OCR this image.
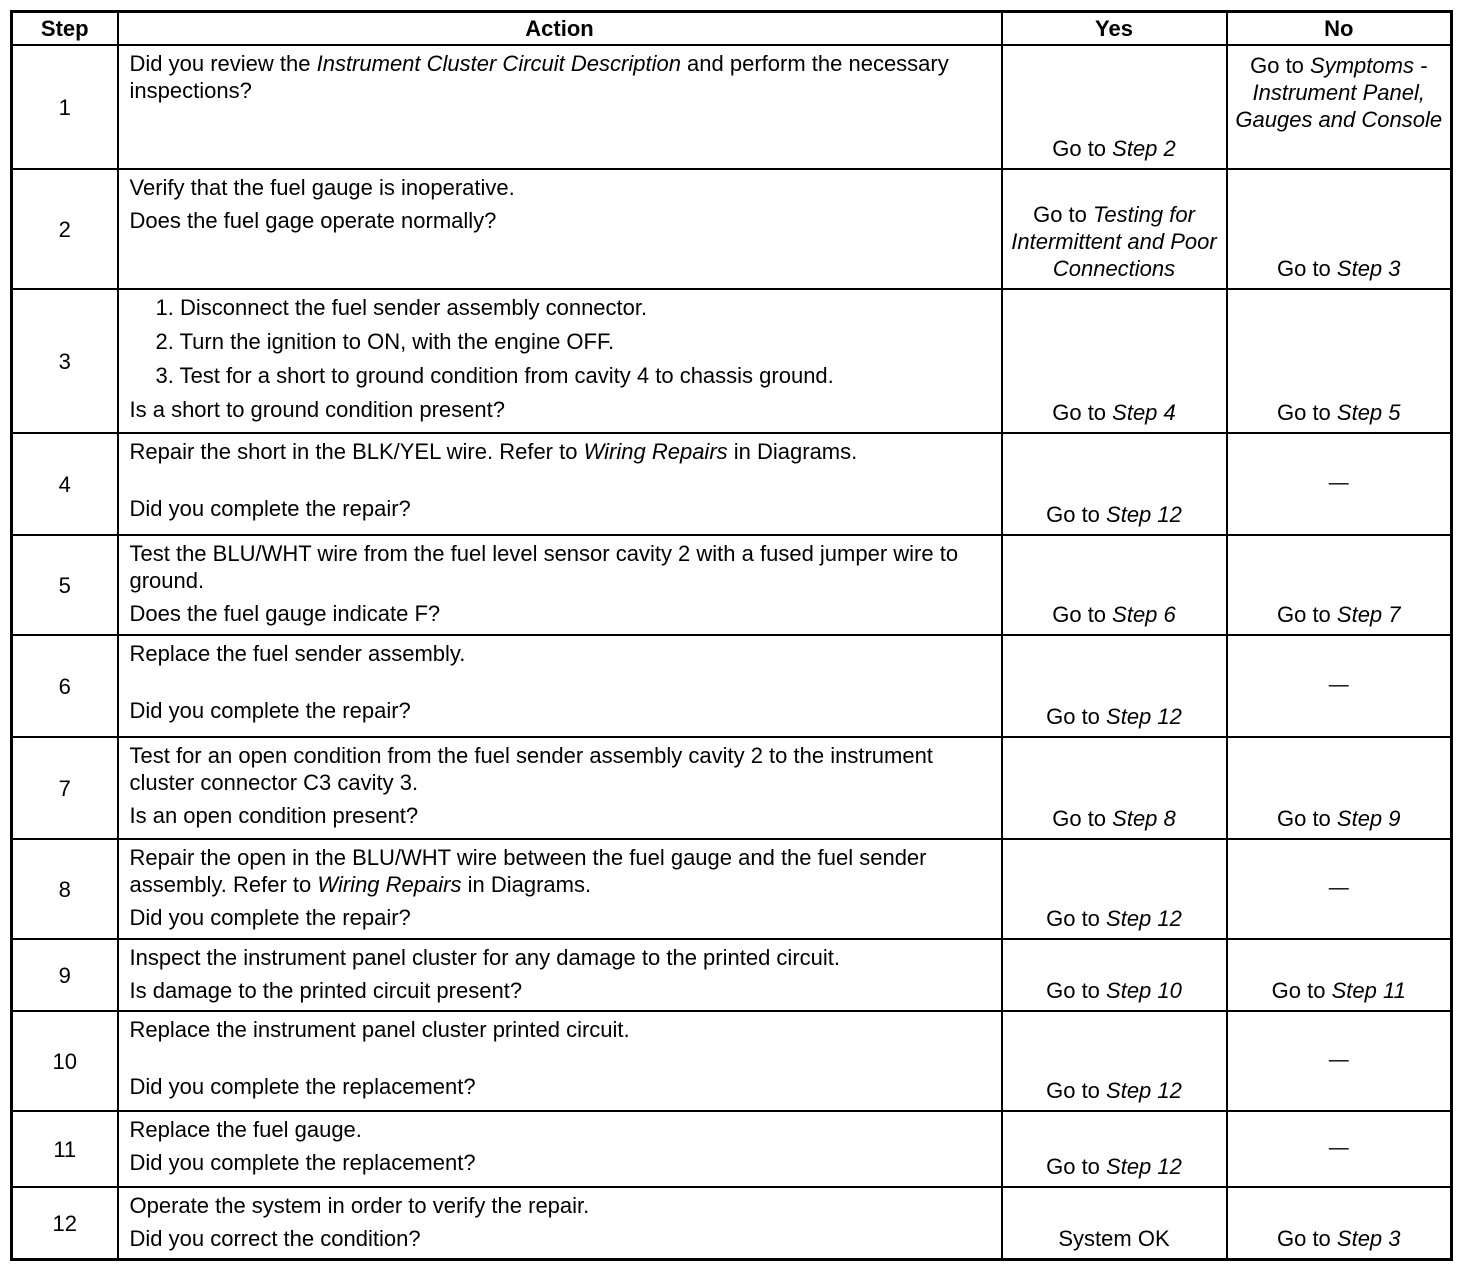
Step	Action	Yes	No
1	Did you review the Instrument Cluster Circuit Description and perform the necessary inspections?	Go to Step 2	Go to Symptoms - Instrument Panel, Gauges and Console
2	Verify that the fuel gauge is inoperative.
Does the fuel gage operate normally?	Go to Testing for Intermittent and Poor Connections	Go to Step 3
3	1. Disconnect the fuel sender assembly connector.
2. Turn the ignition to ON, with the engine OFF.
3. Test for a short to ground condition from cavity 4 to chassis ground.
Is a short to ground condition present?	Go to Step 4	Go to Step 5
4	Repair the short in the BLK/YEL wire. Refer to Wiring Repairs in Diagrams.
Did you complete the repair?	Go to Step 12	—
5	Test the BLU/WHT wire from the fuel level sensor cavity 2 with a fused jumper wire to ground.
Does the fuel gauge indicate F?	Go to Step 6	Go to Step 7
6	Replace the fuel sender assembly.
Did you complete the repair?	Go to Step 12	—
7	Test for an open condition from the fuel sender assembly cavity 2 to the instrument cluster connector C3 cavity 3.
Is an open condition present?	Go to Step 8	Go to Step 9
8	Repair the open in the BLU/WHT wire between the fuel gauge and the fuel sender assembly. Refer to Wiring Repairs in Diagrams.
Did you complete the repair?	Go to Step 12	—
9	Inspect the instrument panel cluster for any damage to the printed circuit.
Is damage to the printed circuit present?	Go to Step 10	Go to Step 11
10	Replace the instrument panel cluster printed circuit.
Did you complete the replacement?	Go to Step 12	—
11	Replace the fuel gauge.
Did you complete the replacement?	Go to Step 12	—
12	Operate the system in order to verify the repair.
Did you correct the condition?	System OK	Go to Step 3
